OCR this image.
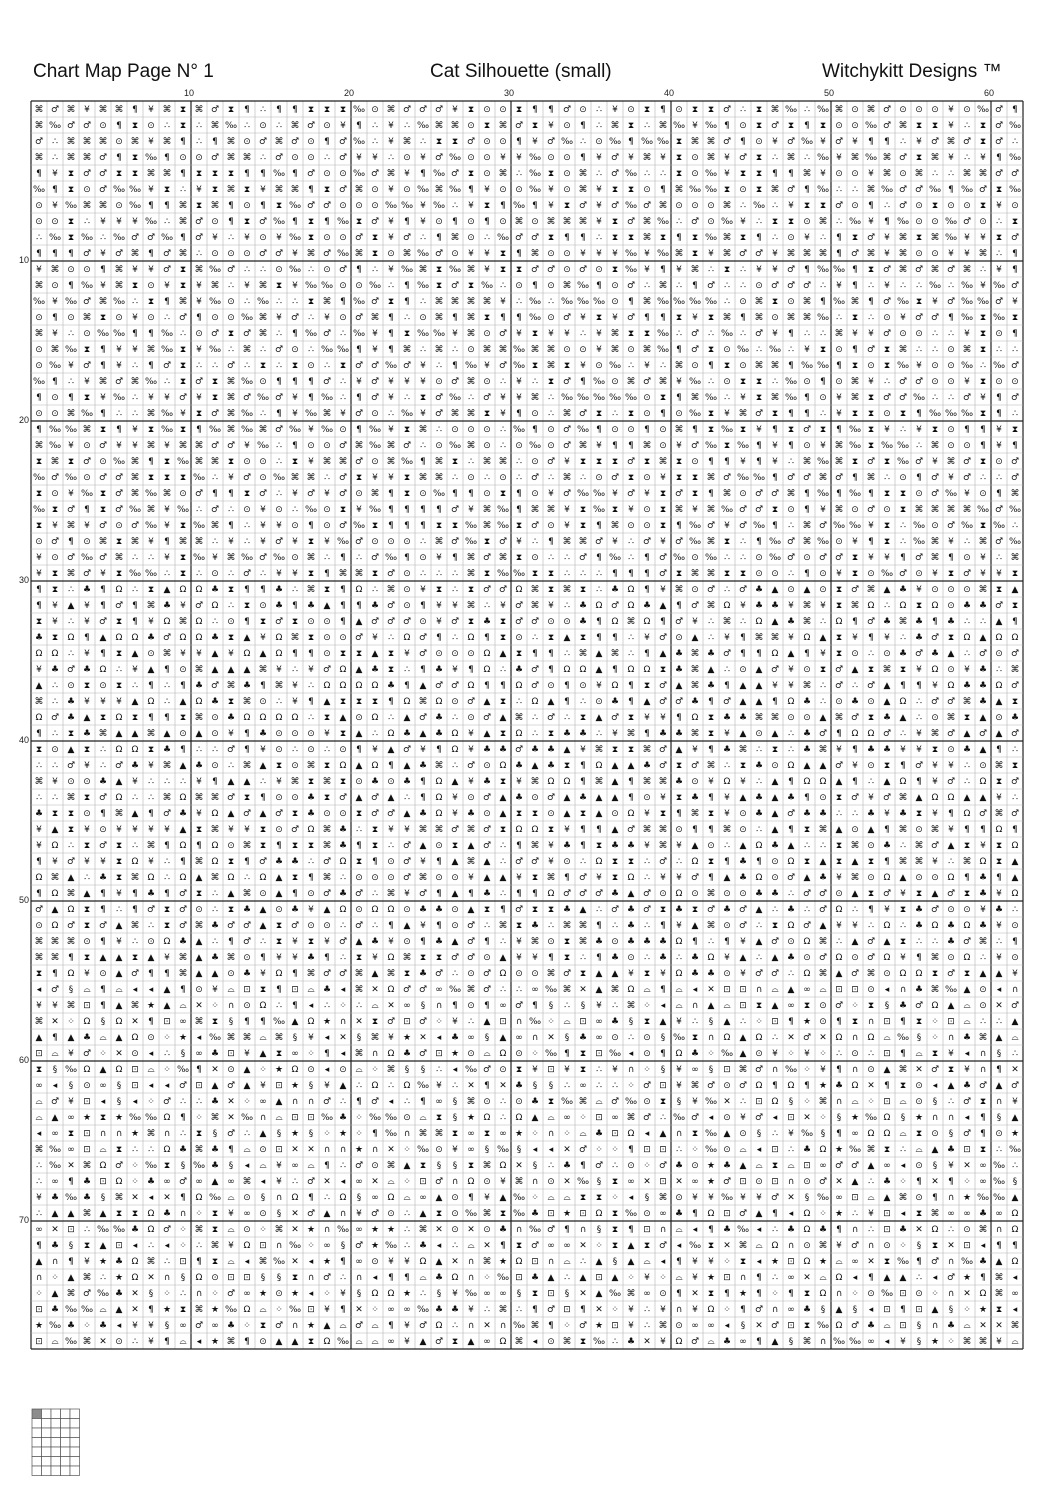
Chart Map Page N° 1	Cat Silhouette (small)	Witchykitt Designs ™
10	20	30	40	50	60
10
20
30
40
50
60
70
⌘ ♂ ⌘ ¥ ⌘ ⌘ ¶ ¥ ⌘ ⧗ ⌘ ♂ ⧗ ¶ ∴ ¶ ¶ ⧗ ⧗ ⧗ ‰ ⊙ ⌘ ♂ ♂ ♂ ¥ ⧗ ⊙ ⊙ ⧗ ¶ ¶ ♂ ⊙ ∴ ¥ ⊙ ⧗ ¶ ⊙ ⧗ ⧗ ♂ ∴ ⧗ ⌘ ‰ ∴ ‰ ⌘ ⊙ ⌘ ♂ ⊙ ⊙ ⊙ ¥ ⊙ ‰ ♂ ¶
⌘ ‰ ♂ ♂ ⊙ ¶ ⧗ ⊙ ∴ ⧗ ∴ ⌘ ‰ ∴ ⊙ ∴ ⌘ ♂ ⊙ ¥ ¶ ∴ ¥ ∴ ‰ ⌘ ⌘ ⊙ ⧗ ⌘ ♂ ⧗ ¥ ⊙ ¶ ∴ ⌘ ⧗ ∴ ⌘ ‰ ¥ ‰ ¶ ⊙ ⧗ ♂ ⧗ ¶ ⧗ ⊙ ⊙ ‰ ♂ ⌘ ⧗ ⧗ ¥ ∴ ⧗ ♂ ‰
♂ ∴ ⌘ ⌘ ⌘ ⊙ ⌘ ¥ ⌘ ¶ ∴ ¶ ⌘ ⊙ ♂ ⌘ ♂ ⊙ ¶ ♂ ‰ ∴ ¥ ⌘ ∴ ⧗ ⧗ ♂ ⊙ ⊙ ¶ ¥ ♂ ‰ ∴ ⊙ ‰ ¶ ‰ ‰ ⧗ ⌘ ⌘ ♂ ¶ ⊙ ¥ ♂ ‰ ¥ ♂ ¥ ¶ ¶ ∴ ¥ ♂ ⌘ ♂ ⧗ ♂ ∴
⌘ ∴ ⌘ ⌘ ♂ ¶ ⧗ ‰ ¶ ⊙ ⊙ ♂ ⌘ ⌘ ∴ ♂ ⊙ ⊙ ∴ ♂ ¥ ¥ ∴ ⊙ ¥ ♂ ‰ ⊙ ⊙ ¥ ¥ ‰ ⊙ ⊙ ¶ ¥ ♂ ¥ ⌘ ¥ ⧗ ⊙ ⌘ ¥ ♂ ⧗ ∴ ⌘ ∴ ‰ ¥ ⌘ ‰ ⌘ ♂ ⧗ ⌘ ¥ ∴ ¥ ¶ ‰
¶ ¥ ⧗ ♂ ♂ ⧗ ⧗ ⌘ ⌘ ¶ ⧗ ⧗ ⧗ ¶ ¶ ‰ ¶ ♂ ⊙ ⊙ ‰ ♂ ⌘ ¥ ¶ ‰ ♂ ⧗ ⊙ ⌘ ∴ ‰ ⧗ ⊙ ⌘ ∴ ♂ ‰ ∴ ∴ ⧗ ⊙ ‰ ¥ ⧗ ⧗ ¶ ¶ ⌘ ¥ ⊙ ⊙ ¥ ⌘ ⊙ ⌘ ∴ ∴ ⌘ ⌘ ♂ ♂
‰ ¶ ⧗ ⊙ ♂ ‰ ‰ ¥ ⧗ ∴ ¥ ⧗ ⌘ ⧗ ¥ ⌘ ⌘ ¶ ⧗ ♂ ⌘ ⊙ ¥ ⊙ ‰ ⌘ ‰ ¶ ¥ ⊙ ⊙ ‰ ¥ ⊙ ⌘ ¥ ⧗ ⧗ ⊙ ¶ ⌘ ‰ ‰ ⧗ ⊙ ⧗ ⌘ ♂ ¶ ‰ ∴ ∴ ⌘ ‰ ♂ ♂ ‰ ¶ ‰ ♂ ⧗ ‰
⊙ ¥ ‰ ⌘ ⌘ ⊙ ‰ ¶ ¶ ⌘ ⧗ ⌘ ¶ ⊙ ¶ ⧗ ‰ ♂ ♂ ⊙ ⊙ ⊙ ‰ ‰ ¥ ‰ ∴ ¥ ⧗ ¶ ‰ ¶ ¥ ⧗ ♂ ¥ ♂ ‰ ♂ ⌘ ⊙ ⊙ ⊙ ⌘ ∴ ‰ ∴ ¥ ⧗ ⧗ ♂ ⊙ ¶ ∴ ♂ ⊙ ⧗ ⊙ ⊙ ⧗ ¥ ⊙
⊙ ⊙ ⧗ ∴ ¥ ¥ ¥ ‰ ∴ ⌘ ♂ ⊙ ¶ ⧗ ♂ ‰ ¶ ⧗ ¶ ‰ ⧗ ♂ ¥ ¶ ¥ ⊙ ¶ ⊙ ¶ ⊙ ⌘ ⊙ ⌘ ⌘ ⌘ ¥ ⧗ ♂ ⌘ ‰ ∴ ♂ ⊙ ‰ ¥ ∴ ⧗ ⧗ ⊙ ⌘ ∴ ‰ ¥ ¶ ‰ ⊙ ⊙ ‰ ♂ ⊙ ∴ ⧗
∴ ‰ ⧗ ‰ ∴ ‰ ♂ ♂ ‰ ¶ ♂ ¥ ∴ ¥ ⊙ ¥ ‰ ⧗ ⊙ ⊙ ♂ ⧗ ¥ ♂ ∴ ¶ ⌘ ⊙ ∴ ‰ ♂ ♂ ⧗ ¶ ¶ ∴ ⧗ ⧗ ⌘ ⧗ ¶ ⧗ ‰ ⌘ ⧗ ¶ ∴ ⊙ ¥ ∴ ¶ ⧗ ♂ ¥ ⌘ ⧗ ⌘ ‰ ¥ ¥ ⧗ ♂
¶ ¶ ¶ ♂ ¥ ♂ ⌘ ¶ ♂ ⌘ ∴ ⊙ ⊙ ⊙ ♂ ♂ ¥ ⌘ ♂ ‰ ⌘ ⧗ ⊙ ⌘ ‰ ♂ ⊙ ¥ ¥ ⧗ ¶ ⌘ ⊙ ⊙ ¥ ¥ ¥ ‰ ¥ ‰ ⌘ ⧗ ¥ ⌘ ♂ ♂ ¥ ⌘ ⌘ ⌘ ¶ ♂ ⌘ ¥ ⌘ ⊙ ⊙ ¥ ¥ ⌘ ∴ ¶
¥ ⌘ ⊙ ⊙ ¶ ⌘ ¥ ¥ ♂ ⧗ ⌘ ‰ ♂ ∴ ∴ ⊙ ‰ ∴ ⊙ ♂ ¶ ∴ ¥ ‰ ⌘ ⧗ ‰ ⌘ ¥ ⧗ ⧗ ♂ ♂ ⊙ ♂ ⊙ ⧗ ‰ ¥ ¶ ¥ ⌘ ∴ ⧗ ∴ ¥ ¥ ♂ ¶ ‰ ‰ ¶ ⧗ ♂ ⌘ ♂ ⌘ ♂ ⌘ ∴ ¥ ¶
⌘ ⊙ ¶ ‰ ¥ ⌘ ⧗ ⊙ ¥ ⧗ ¥ ⌘ ∴ ¥ ⌘ ⧗ ¥ ‰ ‰ ⊙ ⊙ ‰ ∴ ¶ ‰ ⧗ ♂ ⧗ ‰ ∴ ⊙ ¶ ⊙ ⌘ ‰ ¶ ⊙ ♂ ∴ ⌘ ∴ ¶ ♂ ∴ ∴ ⊙ ♂ ♂ ♂ ∴ ¥ ¶ ∴ ¥ ∴ ∴ ‰ ∴ ‰ ¥ ‰ ♂
‰ ¥ ‰ ♂ ⌘ ‰ ∴ ⧗ ¶ ⌘ ¥ ‰ ⊙ ∴ ‰ ∴ ∴ ⧗ ⌘ ¶ ‰ ♂ ⧗ ¶ ∴ ⌘ ⌘ ⌘ ⌘ ¥ ∴ ‰ ∴ ‰ ‰ ‰ ⊙ ¶ ⌘ ‰ ‰ ‰ ‰ ∴ ⊙ ⌘ ⧗ ⊙ ⌘ ¶ ‰ ⌘ ¶ ♂ ‰ ⧗ ¥ ♂ ‰ ‰ ♂ ¥
⊙ ¶ ⊙ ⌘ ⧗ ⊙ ¥ ⊙ ∴ ♂ ¶ ⊙ ⊙ ‰ ⌘ ¥ ♂ ∴ ¥ ⊙ ♂ ⌘ ¶ ∴ ⊙ ⌘ ¶ ⌘ ⧗ ¶ ¶ ‰ ⊙ ♂ ¥ ⧗ ¥ ♂ ¶ ¶ ⧗ ¥ ⧗ ⌘ ¶ ⌘ ⊙ ⌘ ⌘ ‰ ∴ ⧗ ∴ ⊙ ¥ ♂ ♂ ¶ ‰ ⧗ ‰ ⧗
⌘ ¥ ∴ ⊙ ‰ ‰ ¶ ¶ ‰ ∴ ⊙ ♂ ⧗ ♂ ⌘ ∴ ¶ ‰ ♂ ∴ ‰ ¥ ¶ ⧗ ‰ ‰ ¥ ⌘ ⊙ ♂ ¥ ⧗ ¥ ¥ ∴ ¥ ⌘ ⧗ ⧗ ‰ ∴ ♂ ∴ ‰ ∴ ♂ ¥ ¶ ∴ ∴ ⌘ ¥ ¥ ♂ ⊙ ⊙ ∴ ∴ ¥ ⧗ ⊙ ¶
⊙ ⌘ ‰ ⧗ ¶ ¥ ¥ ⌘ ‰ ⧗ ¥ ‰ ∴ ⌘ ∴ ♂ ⊙ ∴ ‰ ‰ ¶ ¥ ¶ ⌘ ∴ ⌘ ∴ ⊙ ⌘ ⌘ ‰ ⌘ ⌘ ⊙ ⊙ ¥ ⌘ ⊙ ⌘ ‰ ¶ ♂ ⧗ ⊙ ‰ ∴ ‰ ∴ ¥ ⧗ ⊙ ¶ ♂ ⧗ ⌘ ∴ ∴ ⊙ ⌘ ⧗ ∴ ∴
⊙ ‰ ¥ ♂ ¶ ¥ ∴ ¶ ♂ ⧗ ∴ ∴ ♂ ∴ ⧗ ∴ ⧗ ⊙ ∴ ⧗ ♂ ♂ ‰ ♂ ¥ ∴ ¶ ‰ ¥ ♂ ‰ ⧗ ⌘ ⧗ ¥ ⊙ ‰ ∴ ¥ ∴ ⌘ ⊙ ¶ ⧗ ⊙ ⌘ ⌘ ¶ ‰ ‰ ¶ ⧗ ⊙ ⧗ ‰ ¥ ⊙ ⊙ ‰ ∴ ‰ ♂
‰ ¶ ∴ ¥ ⌘ ♂ ⌘ ‰ ∴ ⧗ ♂ ⧗ ⌘ ‰ ⊙ ¶ ¶ ¶ ♂ ∴ ¥ ♂ ¥ ¥ ¥ ⊙ ♂ ⌘ ⊙ ∴ ¥ ∴ ⧗ ♂ ¶ ‰ ⊙ ⌘ ♂ ⌘ ¥ ‰ ∴ ⊙ ⧗ ⧗ ∴ ‰ ⊙ ¶ ⊙ ⌘ ¥ ∴ ♂ ♂ ⊙ ⊙ ¥ ⧗ ⊙ ⊙
¶ ⊙ ¶ ⧗ ¥ ‰ ∴ ¥ ¥ ♂ ¥ ⧗ ⌘ ♂ ‰ ♂ ¥ ¶ ‰ ∴ ¶ ♂ ¥ ∴ ⧗ ♂ ‰ ∴ ♂ ¥ ¥ ⌘ ∴ ‰ ‰ ‰ ‰ ‰ ⊙ ⧗ ¶ ⌘ ‰ ∴ ¥ ⧗ ⌘ ‰ ¶ ⊙ ¥ ⌘ ⧗ ♂ ♂ ‰ ∴ ∴ ♂ ¥ ¶ ♂
⊙ ⊙ ⌘ ‰ ¶ ∴ ∴ ⌘ ‰ ¥ ⧗ ♂ ⌘ ‰ ∴ ¶ ¥ ‰ ⌘ ¥ ♂ ⊙ ∴ ‰ ¥ ♂ ⌘ ⌘ ⧗ ¥ ¶ ⊙ ∴ ⌘ ♂ ⧗ ∴ ⧗ ⊙ ¶ ⊙ ‰ ⧗ ¥ ⌘ ♂ ⧗ ¶ ¶ ∴ ¥ ⧗ ⧗ ⊙ ⧗ ¶ ‰ ‰ ‰ ⧗ ¶ ∴
¶ ‰ ‰ ⌘ ⧗ ¶ ¥ ⧗ ‰ ⧗ ¶ ‰ ⌘ ‰ ⌘ ♂ ‰ ¥ ‰ ⊙ ¶ ‰ ¥ ⧗ ⌘ ∴ ⊙ ⊙ ⊙ ∴ ‰ ¶ ⊙ ♂ ‰ ¶ ⊙ ⊙ ¶ ⊙ ⌘ ¶ ⧗ ‰ ⧗ ¥ ¶ ⧗ ♂ ⧗ ¶ ‰ ⧗ ¥ ∴ ¥ ⧗ ⊙ ¶ ¶ ¥ ⧗
⌘ ‰ ¥ ⊙ ♂ ¥ ¥ ⌘ ¥ ⌘ ⌘ ♂ ♂ ¥ ‰ ∴ ¶ ⊙ ⊙ ♂ ⌘ ‰ ⌘ ♂ ∴ ⊙ ‰ ⌘ ⊙ ∴ ⊙ ‰ ⊙ ♂ ⌘ ¥ ¶ ¶ ⌘ ⊙ ¥ ♂ ‰ ⧗ ‰ ¶ ¥ ¶ ⊙ ¥ ⌘ ‰ ⧗ ‰ ‰ ∴ ⌘ ⊙ ⊙ ¶ ¥ ¶
⧗ ⌘ ⧗ ♂ ⊙ ‰ ⌘ ¶ ⧗ ‰ ⌘ ⌘ ⧗ ⊙ ⊙ ∴ ⧗ ¥ ⌘ ⌘ ♂ ⊙ ⌘ ‰ ¶ ⌘ ⧗ ∴ ⌘ ⌘ ∴ ⊙ ♂ ¥ ⧗ ⧗ ⧗ ♂ ⧗ ⌘ ⧗ ⊙ ¶ ¶ ¥ ¶ ¥ ∴ ⌘ ‰ ⌘ ⧗ ♂ ⧗ ‰ ♂ ¥ ⌘ ♂ ⧗ ⊙ ♂
‰ ♂ ‰ ⊙ ♂ ♂ ⌘ ⧗ ⧗ ⧗ ‰ ∴ ¥ ♂ ⊙ ‰ ⌘ ⌘ ∴ ♂ ⧗ ¥ ¥ ⧗ ⌘ ⌘ ∴ ⊙ ∴ ⊙ ∴ ♂ ∴ ⌘ ∴ ⊙ ♂ ⧗ ⊙ ¥ ⧗ ⧗ ⌘ ♂ ‰ ‰ ¶ ♂ ♂ ⌘ ♂ ¶ ⌘ ∴ ⊙ ¶ ♂ ¥ ♂ ∴ ∴ ♂
⧗ ⊙ ¥ ‰ ⧗ ♂ ⌘ ‰ ⌘ ⊙ ♂ ¶ ¶ ⧗ ♂ ∴ ¥ ♂ ¥ ♂ ⊙ ⌘ ¶ ⧗ ⊙ ‰ ¶ ¶ ⊙ ⧗ ¶ ⊙ ¥ ♂ ‰ ‰ ¥ ♂ ¥ ⧗ ♂ ⧗ ¶ ⌘ ⊙ ♂ ♂ ⌘ ¶ ‰ ¶ ‰ ¶ ⧗ ⧗ ⊙ ♂ ‰ ¥ ⊙ ¶ ⌘
‰ ⧗ ♂ ¶ ⧗ ♂ ‰ ⌘ ¥ ‰ ∴ ♂ ∴ ⊙ ¥ ⊙ ∴ ‰ ⊙ ⧗ ¥ ‰ ¶ ¶ ¶ ¶ ♂ ¥ ⌘ ‰ ¶ ⌘ ⌘ ¥ ⧗ ‰ ⧗ ¥ ⊙ ⧗ ⌘ ¥ ⌘ ‰ ♂ ♂ ⧗ ⊙ ¶ ¥ ⌘ ⊙ ♂ ⊙ ⧗ ⌘ ⌘ ⌘ ⌘ ‰ ♂ ‰
⧗ ¥ ⌘ ¥ ♂ ⊙ ♂ ‰ ¥ ⧗ ‰ ⌘ ¶ ∴ ¥ ¥ ⊙ ¶ ⊙ ♂ ‰ ⧗ ¶ ¶ ¶ ⧗ ⧗ ‰ ⌘ ‰ ⧗ ♂ ⊙ ¥ ⧗ ¶ ⌘ ⊙ ⊙ ⧗ ¶ ‰ ♂ ¥ ♂ ‰ ¶ ∴ ⌘ ♂ ‰ ‰ ¥ ⧗ ∴ ‰ ⊙ ♂ ‰ ⧗ ‰ ∴
⊙ ♂ ¶ ⊙ ⌘ ⧗ ⌘ ¥ ¶ ⌘ ⌘ ∴ ¥ ∴ ¥ ♂ ¥ ⧗ ¥ ‰ ♂ ⊙ ⊙ ⊙ ∴ ⌘ ♂ ‰ ⧗ ♂ ¥ ∴ ¶ ⌘ ⌘ ♂ ¥ ∴ ♂ ¥ ♂ ‰ ⌘ ⧗ ∴ ¶ ‰ ♂ ⌘ ‰ ⊙ ¥ ¶ ⧗ ∴ ‰ ⌘ ¥ ∴ ⌘ ♂ ‰
¥ ⊙ ♂ ‰ ♂ ⌘ ∴ ∴ ¥ ⧗ ‰ ¥ ⌘ ‰ ♂ ‰ ⊙ ⌘ ∴ ¶ ∴ ♂ ‰ ¶ ⊙ ¥ ¶ ⌘ ♂ ⌘ ⧗ ⊙ ∴ ∴ ♂ ¶ ‰ ∴ ¶ ♂ ‰ ⊙ ‰ ∴ ∴ ⊙ ‰ ♂ ⊙ ♂ ♂ ⧗ ¥ ¥ ¶ ♂ ⌘ ¶ ⊙ ¥ ∴ ⌘
¥ ⧗ ⌘ ♂ ¥ ⧗ ‰ ‰ ∴ ⧗ ∴ ⊙ ∴ ♂ ∴ ¥ ¥ ⧗ ¶ ⌘ ⌘ ⧗ ♂ ⊙ ∴ ∴ ∴ ⌘ ⧗ ‰ ‰ ⧗ ⧗ ∴ ∴ ∴ ¶ ¶ ¶ ♂ ⧗ ⌘ ⌘ ⧗ ⧗ ⊙ ⊙ ∴ ¶ ⊙ ¥ ⧗ ⊙ ‰ ♂ ⊙ ¥ ⧗ ♂ ¥ ¥ ⧗
¶ ⧗ ∴ ♣ ¶ Ω ∴ ⧗ ▲ Ω Ω ♣ ⧗ ¶ ¶ ♣ ∴ ⌘ ⧗ ¶ Ω ∴ ⌘ ⊙ ¥ ⧗ ∴ ⧗ ♂ ♂ Ω ⌘ ⧗ ⌘ ⧗ ∴ ♣ Ω ¶ ¥ ⌘ ⊙ ♂ ∴ ♂ ♣ ▲ ⊙ ▲ ⊙ ⧗ ♂ ⌘ ▲ ♣ ¥ ⊙ ⊙ ⊙ ⌘ ⧗ ▲
¶ ¥ ▲ ¥ ¶ ♂ ¶ ⌘ ♣ ¥ ♂ Ω ∴ ⧗ ⊙ ♣ ¶ ♣ ▲ ¶ ¶ ♣ ♂ ⊙ ¶ ¥ ¥ ⌘ ∴ ¥ ♂ ⌘ ¥ ∴ ♣ Ω ♂ Ω ♣ ▲ ¶ ♂ ⌘ Ω ¥ ♣ ♣ ¥ ⌘ ¥ ⧗ ⌘ Ω ∴ Ω ⧗ Ω ⊙ ♣ ♣ ♂ ⧗
⧗ ¥ ∴ ¥ ♂ ⧗ ¶ ¥ Ω ⌘ Ω ∴ ⊙ ¶ ⧗ ♂ ⧗ ⊙ ⊙ ¶ ▲ ♂ ♂ ♂ ⊙ ¥ ♂ ⧗ ♣ ⧗ ♂ ♂ ⊙ ⊙ ♣ ¶ Ω ⌘ Ω ¶ ♂ ¥ ∴ ⌘ ∴ Ω ▲ ♣ ⌘ ∴ Ω ¶ ♂ ♣ ⌘ ♣ ¶ ♣ ∴ ∴ ▲ ¶
♣ ⧗ Ω ¶ ▲ Ω Ω ♣ ♂ Ω Ω ♣ ⧗ ▲ ¥ Ω ⌘ ⧗ ⊙ ⊙ ♂ ¥ ∴ Ω ♂ ¶ ∴ Ω ¶ ⧗ ⊙ ∴ ⧗ ▲ ⧗ ¶ ¶ ∴ ¥ ♂ ⊙ ▲ ∴ ¥ ¶ ⌘ ⌘ ¥ Ω ▲ ⧗ ¥ ¶ ¥ ∴ ♣ ♂ ⧗ Ω ▲ Ω Ω
Ω Ω ∴ ¥ ¶ ⧗ ▲ ⊙ ⌘ ¥ ¥ ▲ ¥ Ω ▲ Ω ¶ ¶ ⊙ ⧗ ⧗ ▲ ⧗ ¥ ♂ ⊙ ⊙ ⊙ Ω ▲ ⧗ ¶ ¶ ∴ ⌘ ▲ ⌘ ∴ ¶ ▲ ♣ ⌘ ♣ ♂ ¶ ¶ Ω ▲ ¶ ¥ ⧗ ⊙ ∴ ⊙ ♣ ♂ ♣ ▲ ∴ ♂ ⊙ ♂
¥ ♣ ♂ ♣ Ω ∴ ¥ ▲ ¶ ⊙ ⌘ ▲ ▲ ▲ ⌘ ¥ ∴ ¥ ♂ Ω ▲ ♣ ⧗ ∴ ¶ ♣ ¥ ¶ Ω ∴ ♣ ♂ ¶ Ω Ω ▲ ¶ Ω Ω ⧗ ♣ ⌘ ▲ ∴ ⊙ ▲ ♂ ¥ ⊙ ⧗ ♂ ▲ ⧗ ⌘ ⧗ ¥ Ω ⊙ ¥ ♣ ∴ ⌘
▲ ∴ ⊙ ⧗ ⊙ ⧗ ∴ ¶ ∴ ¶ ♣ ♂ ⌘ ♣ ¶ ⌘ ¥ ∴ Ω Ω Ω Ω ♣ ¶ ▲ ♂ ♂ Ω ¶ ¶ Ω ♂ ⊙ ¶ ⊙ ¥ Ω ¶ ⧗ ♂ ▲ ⌘ ♣ ¶ ▲ ▲ ¥ ¥ ⌘ ∴ ♂ ∴ ♂ ▲ ¶ ¶ ¥ Ω ♣ ♣ Ω ♂
⌘ ∴ ♣ ¥ ¥ ¥ ▲ Ω ∴ ▲ Ω ♣ ⧗ ⌘ ⊙ ∴ ¥ ¶ ▲ ⧗ ⧗ ⧗ ¶ Ω ⌘ Ω ⊙ ♂ ▲ ⧗ ∴ Ω ▲ ¶ ∴ ⊙ ♣ ¶ ▲ ♂ ♂ ♣ ¶ ♂ ▲ ▲ ¶ Ω ♣ ∴ ⊙ ♣ ⊙ ▲ Ω ∴ ♂ ♂ ⌘ ♣ ▲ ⧗
Ω ♂ ♣ ▲ ⧗ Ω ⧗ ¶ ¶ ⧗ ⌘ ⊙ ♣ Ω Ω Ω Ω ∴ ⧗ ▲ ⊙ Ω ∴ ▲ ♂ ♣ ∴ ⊙ ♂ ▲ ⌘ ∴ ♂ ∴ ⧗ ▲ ♂ ⧗ ¥ ¥ ¶ Ω ⧗ ♣ ♣ ⌘ ⌘ ⊙ ⊙ ▲ ⌘ ♂ ⧗ ♣ ▲ ∴ ⊙ ⌘ ⧗ ▲ ⊙ ♣
¶ ∴ ⧗ ♣ ⌘ ▲ ▲ ⌘ ▲ ⊙ ▲ ⊙ ¥ ¶ ♣ ⊙ ⊙ ⊙ ¥ ⧗ ▲ ∴ Ω ♣ ▲ ♣ Ω ¥ ▲ ⧗ Ω ∴ ⧗ ♣ ♣ ∴ ¥ ⌘ ¶ ♣ ♣ ⌘ ⧗ ¥ ▲ ⊙ ▲ ∴ ♣ ♂ ¶ Ω Ω ♂ ∴ ¥ ⌘ ♂ ▲ ♂ ▲ ♂
⧗ ⊙ ▲ ⧗ ∴ Ω Ω ⧗ ♣ ¶ ∴ ∴ ♂ ¶ ¥ ⊙ ∴ ⊙ ∴ ⊙ ¶ ¥ ▲ ♂ ¥ ¶ Ω ¥ ♣ ♣ ♂ ♣ ♣ ▲ ¥ ⌘ ⧗ ⧗ ⌘ ♂ ▲ ¥ ¶ ♣ ⌘ ∴ ⧗ ∴ ♣ ⌘ ¥ ¶ ♣ ♣ ¥ ¥ ⧗ ⊙ ♣ ▲ ¶ ∴
∴ ∴ ♂ ¥ ∴ ♂ ♣ ¥ ⌘ ▲ ♣ ⊙ ∴ ⌘ ▲ ⧗ ⊙ ⌘ ⧗ Ω ▲ Ω ¶ ▲ ♣ ⌘ ∴ ♂ ⊙ Ω ♣ ▲ ♣ ⧗ ¶ Ω ▲ ▲ ♣ ♂ ⧗ ♂ ⌘ ∴ ⧗ ♣ ⊙ Ω ▲ ▲ ♂ ¥ ⊙ ⧗ ¶ ♂ ¥ ¥ ∴ ⊙ ⌘ ⧗
⌘ ¥ ⊙ ⊙ ♣ ▲ ¥ ∴ ∴ ∴ ¥ ¶ ▲ ▲ ∴ ¥ ⌘ ⧗ ⌘ ⧗ ⊙ ♣ ⊙ ♣ ¶ Ω ▲ ¥ ♣ ⧗ ¥ ⌘ Ω Ω ¶ ⌘ ▲ ¶ ⌘ ⌘ ♣ ⊙ ¥ Ω ¥ ∴ ▲ ¶ Ω Ω ▲ ¶ ∴ ▲ Ω ¶ ¥ ♂ ∴ Ω ⧗ ♂
∴ ∴ ⌘ ⧗ ♂ Ω ∴ ∴ ⌘ Ω ⌘ ⌘ ♂ ⧗ ¶ ⊙ ⊙ ♣ ⧗ ♂ ▲ ♂ ▲ ∴ ¶ Ω ¥ ⊙ ♂ ▲ ♣ ⊙ ♂ ▲ ♣ ▲ ▲ ¶ ⊙ ¥ ⧗ ♣ ¶ ¥ ▲ ♣ ▲ ♣ ¶ ⊙ ⧗ ♂ ¥ ♂ ⌘ ▲ Ω Ω ▲ ▲ ¥ ∴
♣ ⧗ ⧗ ⊙ ¶ ⌘ ▲ ¶ ♂ ♣ ¥ Ω ▲ ♂ ▲ ♂ ⧗ ♣ ⊙ ⊙ ⧗ ♂ ♂ ▲ ♣ Ω ¥ ♣ ⊙ ▲ ⧗ ⧗ ⊙ ▲ ⧗ ▲ ⊙ Ω ¥ ⧗ ¶ ⌘ ⧗ ¥ ⊙ ♣ ▲ ♂ ♣ ♣ ∴ ∴ ♣ ¥ ♣ ⧗ ¥ ¶ Ω ♂ ⌘ ♂
¥ ▲ ⧗ ¥ ⊙ ¥ ¥ ¥ ¥ ▲ ⧗ ⌘ ¥ ¥ ⧗ ⊙ ♂ Ω ⌘ ♣ ∴ ⧗ ¥ ¥ ⌘ ⌘ ♂ ⌘ ♂ ⧗ Ω Ω ⧗ ¥ ¶ ¶ ▲ ♂ ⌘ ⌘ ⊙ ¶ ¶ ⌘ ⊙ ∴ ▲ ¶ ⧗ ⌘ ▲ ⊙ ▲ ¶ ⌘ ⊙ ⌘ ¥ ¶ ¶ Ω ¶
¥ Ω ∴ ⧗ ♂ ⧗ ∴ ⌘ ¶ Ω ¶ Ω ⊙ ⌘ ⧗ ¶ ⧗ ⧗ ⌘ ♣ ¶ ⧗ ∴ ♂ ▲ ⊙ ⧗ ▲ ♂ ∴ ¶ ⌘ ¥ ♣ ¶ ⧗ ♣ ♣ ¥ ⌘ ¥ ▲ ⊙ ∴ ▲ Ω ♣ ▲ ∴ ∴ ⧗ ⌘ ⊙ ♣ ∴ ⌘ ♂ ▲ ⧗ ¥ ⧗ Ω
¶ ¥ ♂ ¥ ¥ ⧗ Ω ¥ ∴ ¶ ⌘ Ω ⧗ ¶ ♂ ♣ ♣ ∴ ♂ Ω ⧗ ¶ ⊙ ♂ ¥ ¶ ▲ ⌘ ▲ ∴ ♂ ♂ ¥ ⊙ ∴ Ω ⧗ ⧗ ∴ ♂ ∴ Ω ⧗ ¶ ♣ ¶ ⊙ Ω ⧗ ▲ ⧗ ▲ ⧗ ¶ ⌘ ⌘ ¥ ∴ ⌘ Ω ⧗ ▲
Ω ⌘ ▲ ∴ ♣ ⧗ ⌘ Ω ∴ Ω ▲ ⌘ Ω ∴ Ω ▲ ⧗ ¶ ⌘ ∴ ⊙ ⊙ ⊙ ♂ ⌘ ⊙ ⊙ ¥ ▲ ▲ ¥ ⧗ ⌘ ¶ ♂ ¥ ⧗ Ω ∴ ¥ ¥ ♂ ¶ ▲ ♣ Ω ⊙ ♂ ▲ ♣ ¥ ⌘ ⊙ Ω ▲ ⊙ ⊙ Ω ¶ ♣ ¶ ▲
¶ Ω ⌘ ▲ ¶ ¥ ¶ ♣ ¶ ♂ ⧗ ∴ ▲ ⌘ ⊙ ▲ ¶ ⊙ ♂ ♣ ♂ ∴ ⌘ ¥ ♂ ¶ ▲ ¶ ♣ ∴ ¶ ¶ Ω ♂ ♂ ♂ ♣ ▲ ♂ ⊙ Ω ⊙ ⌘ ⊙ ⊙ ♣ ♣ ∴ ♂ ♂ ⊙ ▲ ⧗ ♂ ¥ ⧗ ▲ ♂ ⧗ ♣ ¥ Ω
♂ ▲ Ω ⧗ ¶ ∴ ¶ ♂ ⧗ ♂ ⊙ ∴ ⧗ ♣ ▲ ⊙ ♣ ¥ ▲ Ω ⊙ Ω Ω ⊙ ♣ ♣ ⊙ ▲ ⧗ ¶ ♂ ⧗ ⧗ ♣ ▲ ∴ ♂ ♣ ♂ ⧗ ♣ ⧗ ♂ ♣ ♂ ▲ ∴ ♣ ∴ ♂ Ω ∴ ¶ ¥ ⧗ ♣ ♂ ⊙ ⊙ ¥ ♣ ∴
⊙ Ω ♂ ⧗ ♂ ▲ ⌘ ∴ ⧗ ♂ ⌘ ♣ ♂ ♂ ▲ ⧗ ♂ ⊙ ⊙ ∴ ♂ ∴ ¶ ▲ ¥ ¶ ⊙ ♂ ∴ ⌘ ⧗ ♣ ∴ ⌘ ⌘ ¶ ∴ ♣ ∴ ¶ ¥ ▲ ⌘ ⊙ ♂ ∴ ⧗ Ω ♂ ▲ ¥ ¥ ∴ Ω ∴ ♣ Ω ♣ Ω ♣ ¥ ⊙
⌘ ⌘ ⌘ ⊙ ¶ ¥ ∴ ⊙ Ω ♣ ▲ ∴ ¶ ♂ ∴ ⧗ ¥ ⧗ ¥ ♂ ▲ ♣ ¥ ⊙ ¶ ♣ ▲ ♂ ¶ ∴ ¥ ⌘ ⊙ ⧗ ⌘ ♣ ⊙ ♣ ♣ ♣ Ω ¶ ∴ ¶ ¥ ▲ ♂ ⊙ Ω ⌘ ∴ ▲ ♂ ▲ ⧗ ∴ ∴ ♣ ♂ ⌘ ∴ ¶
⌘ ⌘ ¶ ⧗ ▲ ▲ ⧗ ▲ ¥ ⌘ ▲ ♣ ⌘ ⊙ ¶ ¥ ¥ ♣ ¶ ∴ ⧗ ¥ Ω ⌘ ⧗ ⧗ ♂ ♂ ⊙ ▲ ¥ ¥ ¶ ⧗ ∴ ¶ ♣ ⊙ ∴ ♣ ∴ ♣ Ω ¥ ▲ ∴ ▲ ♣ ⊙ ♂ Ω ⊙ ♂ Ω ¥ ¶ ⌘ ⊙ Ω ∴ ¥ ⊙
⧗ ¶ Ω ¥ ⊙ ▲ ♂ ¶ ¶ ⌘ ▲ ▲ ⊙ ♣ ¥ Ω ¶ ⌘ ♂ ♂ ⌘ ▲ ⌘ ⧗ ♣ ♂ ∴ ⊙ ♂ Ω ⊙ ⊙ ⌘ ♂ ⧗ ▲ ▲ ¥ ⧗ ¥ Ω ♣ ♣ ⊙ ¥ ♂ ♂ ∴ Ω ⌘ ▲ ♂ ⌘ ⊙ Ω Ω ⧗ ♂ ⧗ ▲ ▲ ¥
◂ ♂ § ⌓ ¶ ⌓ ◂ ◂ ▲ ¶ ⊙ ¥ ⌓ ⊡ ⧗ ¶ ⊡ ⌓ ♣ ◂ ⌘ ✕ Ω ♂ ♂ ∞ ‰ ⌘ ♂ ∴ ∴ ∞ ‰ ⌘ ✕ ▲ ⌘ Ω ⌓ ¶ ⌓ ◂ ✕ ⊡ ⊡ ∩ ⌓ ▲ ∞ ⌓ ⊡ ⊡ ⊙ ◂ ∩ ♣ ⌘ ‰ ▲ ⊙ ◂ ∩
¥ ¥ ⌘ ⊡ ¶ ▲ ⌘ ★ ▲ ⌓ ✕ ⁘ ∩ ⊙ Ω ∴ ¶ ◂ ∴ ⁘ ∴ ⌓ ✕ ∞ § ∩ ¶ ⊙ ¶ ∞ ♂ ¶ § ∴ § ¥ ∴ ⌘ ⁘ ◂ ⌓ ∩ ▲ ⌓ ⊡ ⧗ ▲ ∞ ⧗ ⊙ ♂ ⁘ ⧗ § ♣ ♂ Ω ▲ ⌓ ⊙ ✕ ♂
⌘ ✕ ⁘ Ω § Ω ✕ ¶ ⊡ ∞ ⌘ ⧗ § ¶ ¶ ‰ ▲ Ω ★ ∩ ✕ ⧗ ♂ ⊡ ♂ ⁘ ¥ ∴ ▲ ⊡ ∩ ‰ ⁘ ⌓ ⊡ ∞ ♣ § ⧗ ▲ ¥ ∴ § ▲ ∴ ⁘ ⊡ ¶ ★ ⊙ ¶ ⧗ ∩ ⊡ ¶ ⧗ ⁘ ⊡ ⌓ ∴ ∴ ▲
▲ ¶ ▲ ♣ ⌓ ▲ Ω ⊙ ⁘ ★ ◂ ‰ ⌘ ⌘ ⌓ ⌘ § ¥ ◂ ✕ § ⌘ ¥ ★ ✕ ◂ ♣ ∞ § ▲ ∞ ∩ ✕ § ♣ ∞ ⊙ ∴ ⊙ § ‰ ⧗ ∩ Ω ▲ Ω ∴ ✕ ♂ ✕ Ω ∩ Ω ⌓ ‰ § ⁘ ∩ ♣ ⌘ ▲ ⌓
⊡ ⌓ ¥ ♂ ⁘ ✕ ⊙ ◂ ∴ § ∞ ♣ ⊡ ¥ ▲ ⧗ ∞ ⁘ ¶ ◂ ⌘ ∩ Ω ♣ ♂ ⊡ ★ ⊙ ⌓ Ω ⊙ ⁘ ‰ ¶ ⧗ ⊡ ‰ ◂ ⊙ ¶ Ω ♣ ⁘ ‰ ▲ ⊙ ¥ ⁘ ¥ ⁘ ∴ ⊙ ∴ ⊡ ¶ ⌓ ⧗ ¥ ◂ ∩ § ∴
⧗ § ‰ Ω ▲ Ω ⊡ ⌓ ⁘ ‰ ¶ ✕ ⊙ ▲ ⁘ ★ Ω ⊙ ◂ ⊙ ⌓ ⁘ ⌘ § § ∴ ◂ ‰ ♂ ⊙ ⧗ ¥ ⊡ ¥ ⧗ ∴ ¥ ∩ ⁘ § ¥ ∞ § ⊡ ⌘ ♂ ∩ ‰ ⁘ ¥ ¶ ∩ ⊙ ▲ ⌘ ✕ ♂ ⧗ ¥ ∩ ¶ ✕
∞ ◂ § ⊙ ∞ § ⊡ ◂ ◂ ♂ ⊡ ▲ ♂ ▲ ¥ ⊡ ★ § ¥ ▲ ∴ Ω ∴ Ω ‰ ¥ ∴ ✕ ¶ ✕ ♣ § § ∴ ∞ ∴ ∴ ⁘ ♂ ⊡ ¥ ⌘ ♂ ⊙ ♂ Ω ¶ Ω ¶ ★ ♣ Ω ✕ ¶ ⧗ ⊙ ◂ ▲ ♣ ♂ ▲ ♂
⌓ ♂ ¥ ⊡ ◂ § ◂ ⁘ ♂ ∴ ∴ ♣ ✕ ⁘ ∞ ▲ ∩ ∩ ♂ ∴ ¶ ♂ ◂ ∴ ¶ ∞ § ⌘ ⊙ ∴ ⊙ ♣ ⧗ ‰ ⌘ ⌓ ♂ ‰ ⊙ ⧗ § ¥ ‰ ✕ ∴ ⊡ Ω § ⁘ ⌘ ∩ ⌓ ⁘ ⊡ ⌓ ⊙ § ∴ ♂ ⧗ ∩ ¥
⌓ ▲ ∞ ★ ⧗ ★ ‰ ‰ Ω ¶ ⁘ ⌘ ✕ ‰ ∩ ⌓ ⊡ ⊡ ‰ ♣ ⁘ ‰ ‰ ⊙ ⌓ ⧗ § ★ Ω ∴ Ω ▲ ⌓ ∞ ⁘ ⊡ ∞ ⌘ ♂ ∴ ‰ ♂ ◂ ⊙ ¥ ♂ ◂ ⊡ ✕ ⁘ § ★ ‰ Ω § ★ ∩ ∩ ◂ ¶ § ▲
◂ ∞ ⧗ ⊡ ∩ ∩ ★ ⌘ ∩ ∴ ⧗ § ♂ ∴ ▲ § ★ § ⁘ ★ ⁘ ¶ ‰ ∩ ⌘ ⌘ ⧗ ∞ ⧗ ∞ ★ ⁘ ∩ ⁘ ⌓ ♣ ⊡ Ω ◂ ▲ ∩ ⧗ ‰ ▲ ⊙ § ∴ ¥ ‰ § ¶ ∞ Ω Ω ⌓ ⧗ ⊙ § ♂ ¶ ⊙ ★
⌘ ‰ ∞ ⊡ ⌓ ⧗ ∴ ∴ Ω ♣ ⌘ ♣ ¶ ⌓ ⊙ ⊡ ✕ ✕ ∩ ∩ ★ ∩ ✕ ⁘ ‰ ⊙ ¥ ∞ § ‰ § ◂ ◂ ✕ ♂ ⁘ ⁘ ¶ ⊡ ⊡ ∴ ⁘ ‰ ⊙ ⌓ ◂ ⊡ ∴ ♣ Ω ★ ‰ ⌘ ⧗ ∴ ⌓ ▲ ♣ ⊡ ⧗ ∴ ‰
∴ ‰ ✕ ⌘ Ω ♂ ⁘ ‰ ⧗ § ‰ ♣ § ◂ ⌓ ¥ ∞ ⌓ ¶ ∴ ♂ ⊙ ⌘ ▲ ⧗ § § ⧗ ⌘ Ω ✕ § ∴ ♣ ¶ ♂ ∴ ⊙ ⁘ ♂ ♣ ⊙ ★ ♣ ▲ ⌓ ⧗ ⌓ ⊡ ∞ ♂ ♂ ▲ ∞ ◂ ⊙ § ¥ ✕ ∞ ‰ ∴
∴ ∞ ¶ ♣ ⊡ Ω ⁘ ♣ ∞ ♂ ∞ ▲ ∞ ⌘ ◂ ¥ ∴ ♂ ✕ ◂ ∞ ✕ ⌓ ⁘ ⊡ ♂ ∩ Ω ⊙ ¥ ⌘ ∩ ⊙ ✕ ‰ § ⧗ ∞ ✕ ⊡ ✕ ∞ ★ ♂ ⊡ ⊙ ⊡ ∩ ⊙ ♂ ✕ ▲ ∴ ♣ ⁘ ¶ ✕ ¶ ⁘ ∞ ‰ §
¥ ♣ ‰ ♣ § ⌘ ✕ ◂ ✕ ¶ Ω ‰ ⌓ ⊙ § ∩ Ω ¶ ∴ Ω § ∞ Ω ⌓ ∞ ▲ ⊙ ¶ ¥ ▲ ‰ ⁘ ⌓ ⌓ ⧗ ⧗ ⁘ ◂ § ⌘ ⊙ ¥ ¥ ‰ ¥ ¥ ♂ ✕ § ‰ ∞ ⊡ ⌓ ▲ ⌘ ⊙ ¶ ∩ ★ ‰ ‰ ▲
∴ ▲ ▲ ⌘ ▲ ⧗ ⧗ Ω ♣ ∩ ⁘ ⧗ ¥ ∞ ⊙ § ✕ ♂ ▲ ∩ ¥ ♂ ⊙ ∴ ▲ ⧗ ⊙ ‰ ⌘ ⧗ ‰ ♣ ⊡ ★ ⊡ Ω ⧗ ‰ ⊙ ∞ ♣ ¶ Ω ⊡ ♂ ▲ ¶ ◂ Ω ⁘ ★ ∴ ¥ ⊡ ◂ ⧗ ⌘ ∞ ∞ ♣ ∞ Ω
∞ ✕ ⊡ ∴ ‰ ‰ ♣ Ω ♂ ⁘ ⌘ ⧗ ⌓ ⊙ ⁘ ⌘ ✕ ★ ∩ ‰ ∞ ★ ★ ∴ ⌘ ✕ ⊙ ✕ ⊙ ♣ ∩ ‰ ♂ ¶ ∩ § ⧗ ¶ ⊡ ∩ ⌓ ◂ ¶ ♣ ‰ ◂ ∴ ♣ Ω ♣ ¶ ∩ ∴ ⊡ ♣ ✕ Ω ∴ ⊙ ⌘ ∩ Ω
¶ ♣ § ⧗ ▲ ⊡ ◂ ∴ ◂ ⁘ ∴ ⌘ ¥ Ω ⊡ ∩ ‰ ⁘ ∞ § ♂ ★ ‰ ∴ ♣ ◂ ∴ ⌓ ✕ ¶ ⧗ ♂ ∞ ∞ ✕ ⁘ ⧗ ▲ ⧗ ♂ ◂ ‰ ⧗ ✕ ⌘ ⌓ Ω ∩ ⊙ ⌘ ¥ ♂ ∩ ⊙ ⁘ § ⧗ ✕ ⊡ ◂ ¶ ¶
▲ ∩ ¶ ¥ ★ ♣ Ω ⌘ ∴ ⊡ ¶ ⧗ ⌓ ◂ ⌘ ‰ ✕ ◂ ★ ¶ ∞ ⊙ ¥ ¥ Ω ▲ ✕ ∩ ⌘ ★ Ω ⊡ ∩ ⌓ ∴ ▲ § ▲ ⌓ ◂ ¶ ¥ ¥ ⁘ ⧗ ◂ ★ ⊡ Ω ★ ⌓ ∞ ✕ ⧗ ‰ ¶ ♂ ∩ ‰ ♣ ▲ Ω
∩ ⁘ ▲ ⌘ ∴ ★ Ω ✕ ∩ § Ω ⊙ ⊡ ⊡ § § ⧗ ∩ ♂ ∴ ∩ ◂ ¶ ¶ ⌓ ♣ Ω ∩ ⁘ ‰ ⊡ ♣ ▲ ∴ ▲ ⊡ ▲ ⁘ ¥ ⁘ ⌓ ¥ ★ ⊡ ∩ ¶ ∴ ∞ ✕ ⌓ Ω ◂ ¶ ▲ ▲ ∴ ◂ ♂ ★ ¶ ⌘ ◂
⁘ ▲ ⌘ ♂ ‰ ♣ ✕ § ⁘ ∴ ∩ ⁘ ♂ ∞ ★ ⊙ ★ ◂ ⁘ ¥ § Ω Ω ★ ∴ § ¥ ‰ ∞ ∞ § ⧗ ⊡ § ✕ ▲ ‰ ⌘ ∞ ⊙ ¶ ✕ ⧗ ¶ ★ ¶ ⁘ ¶ ⧗ Ω ∩ ⁘ ⊙ ‰ ⊡ ⊙ ⁘ ∩ ✕ Ω ⌘ ∞
⊡ ♣ ‰ ‰ ⌓ ▲ ✕ ¶ ★ ⧗ ⌘ ★ ‰ Ω ⌓ ⁘ ‰ ⊡ ¥ ¶ ✕ ⁘ ∞ ∞ ‰ ♣ ♣ ¥ ∴ ⌘ ∴ ¶ ♂ ⊡ ¶ ✕ ⁘ ¥ ∴ ¥ ∩ ¥ Ω ⁘ ¶ ♂ ∩ ∞ ♣ § ▲ § ◂ ⊡ ¶ ⊡ ▲ § ⁘ ★ ⧗ ◂
★ ‰ ♣ ⁘ ♣ ◂ ¥ ¥ § ∞ ♂ ∞ ♣ ⁘ ⧗ ♂ ∩ ★ ▲ ⌓ ♂ ⌓ ¶ ¥ ♂ Ω ∴ ∩ ✕ ∩ ‰ ⌘ ¶ ⁘ ♂ ★ ⊡ ¥ ∴ ⌘ ⊙ ∞ ∞ ◂ § ✕ ♂ ⊡ ⧗ ‰ Ω ♂ ♣ ⌓ ⊡ § ∩ ♣ ⌓ ✕ ✕ ⌘
⊡ ⌓ ‰ ⌘ ✕ ⊙ ∴ ¥ ¶ ⌓ ◂ ★ ⌘ ¶ ⊙ ▲ ▲ ⧗ Ω ‰ ⌓ ⌓ ∞ ¥ ▲ ♂ ⧗ ▲ ∞ Ω ⌘ ◂ ⊙ ⌘ ⧗ ‰ ∴ ♣ ✕ ¥ Ω ♂ ⌓ ♣ ∞ ¶ ▲ § ⌘ ∩ ‰ ‰ ∞ ◂ ¥ § ★ ⁘ ⌘ ⌘ ¥ ⌓
